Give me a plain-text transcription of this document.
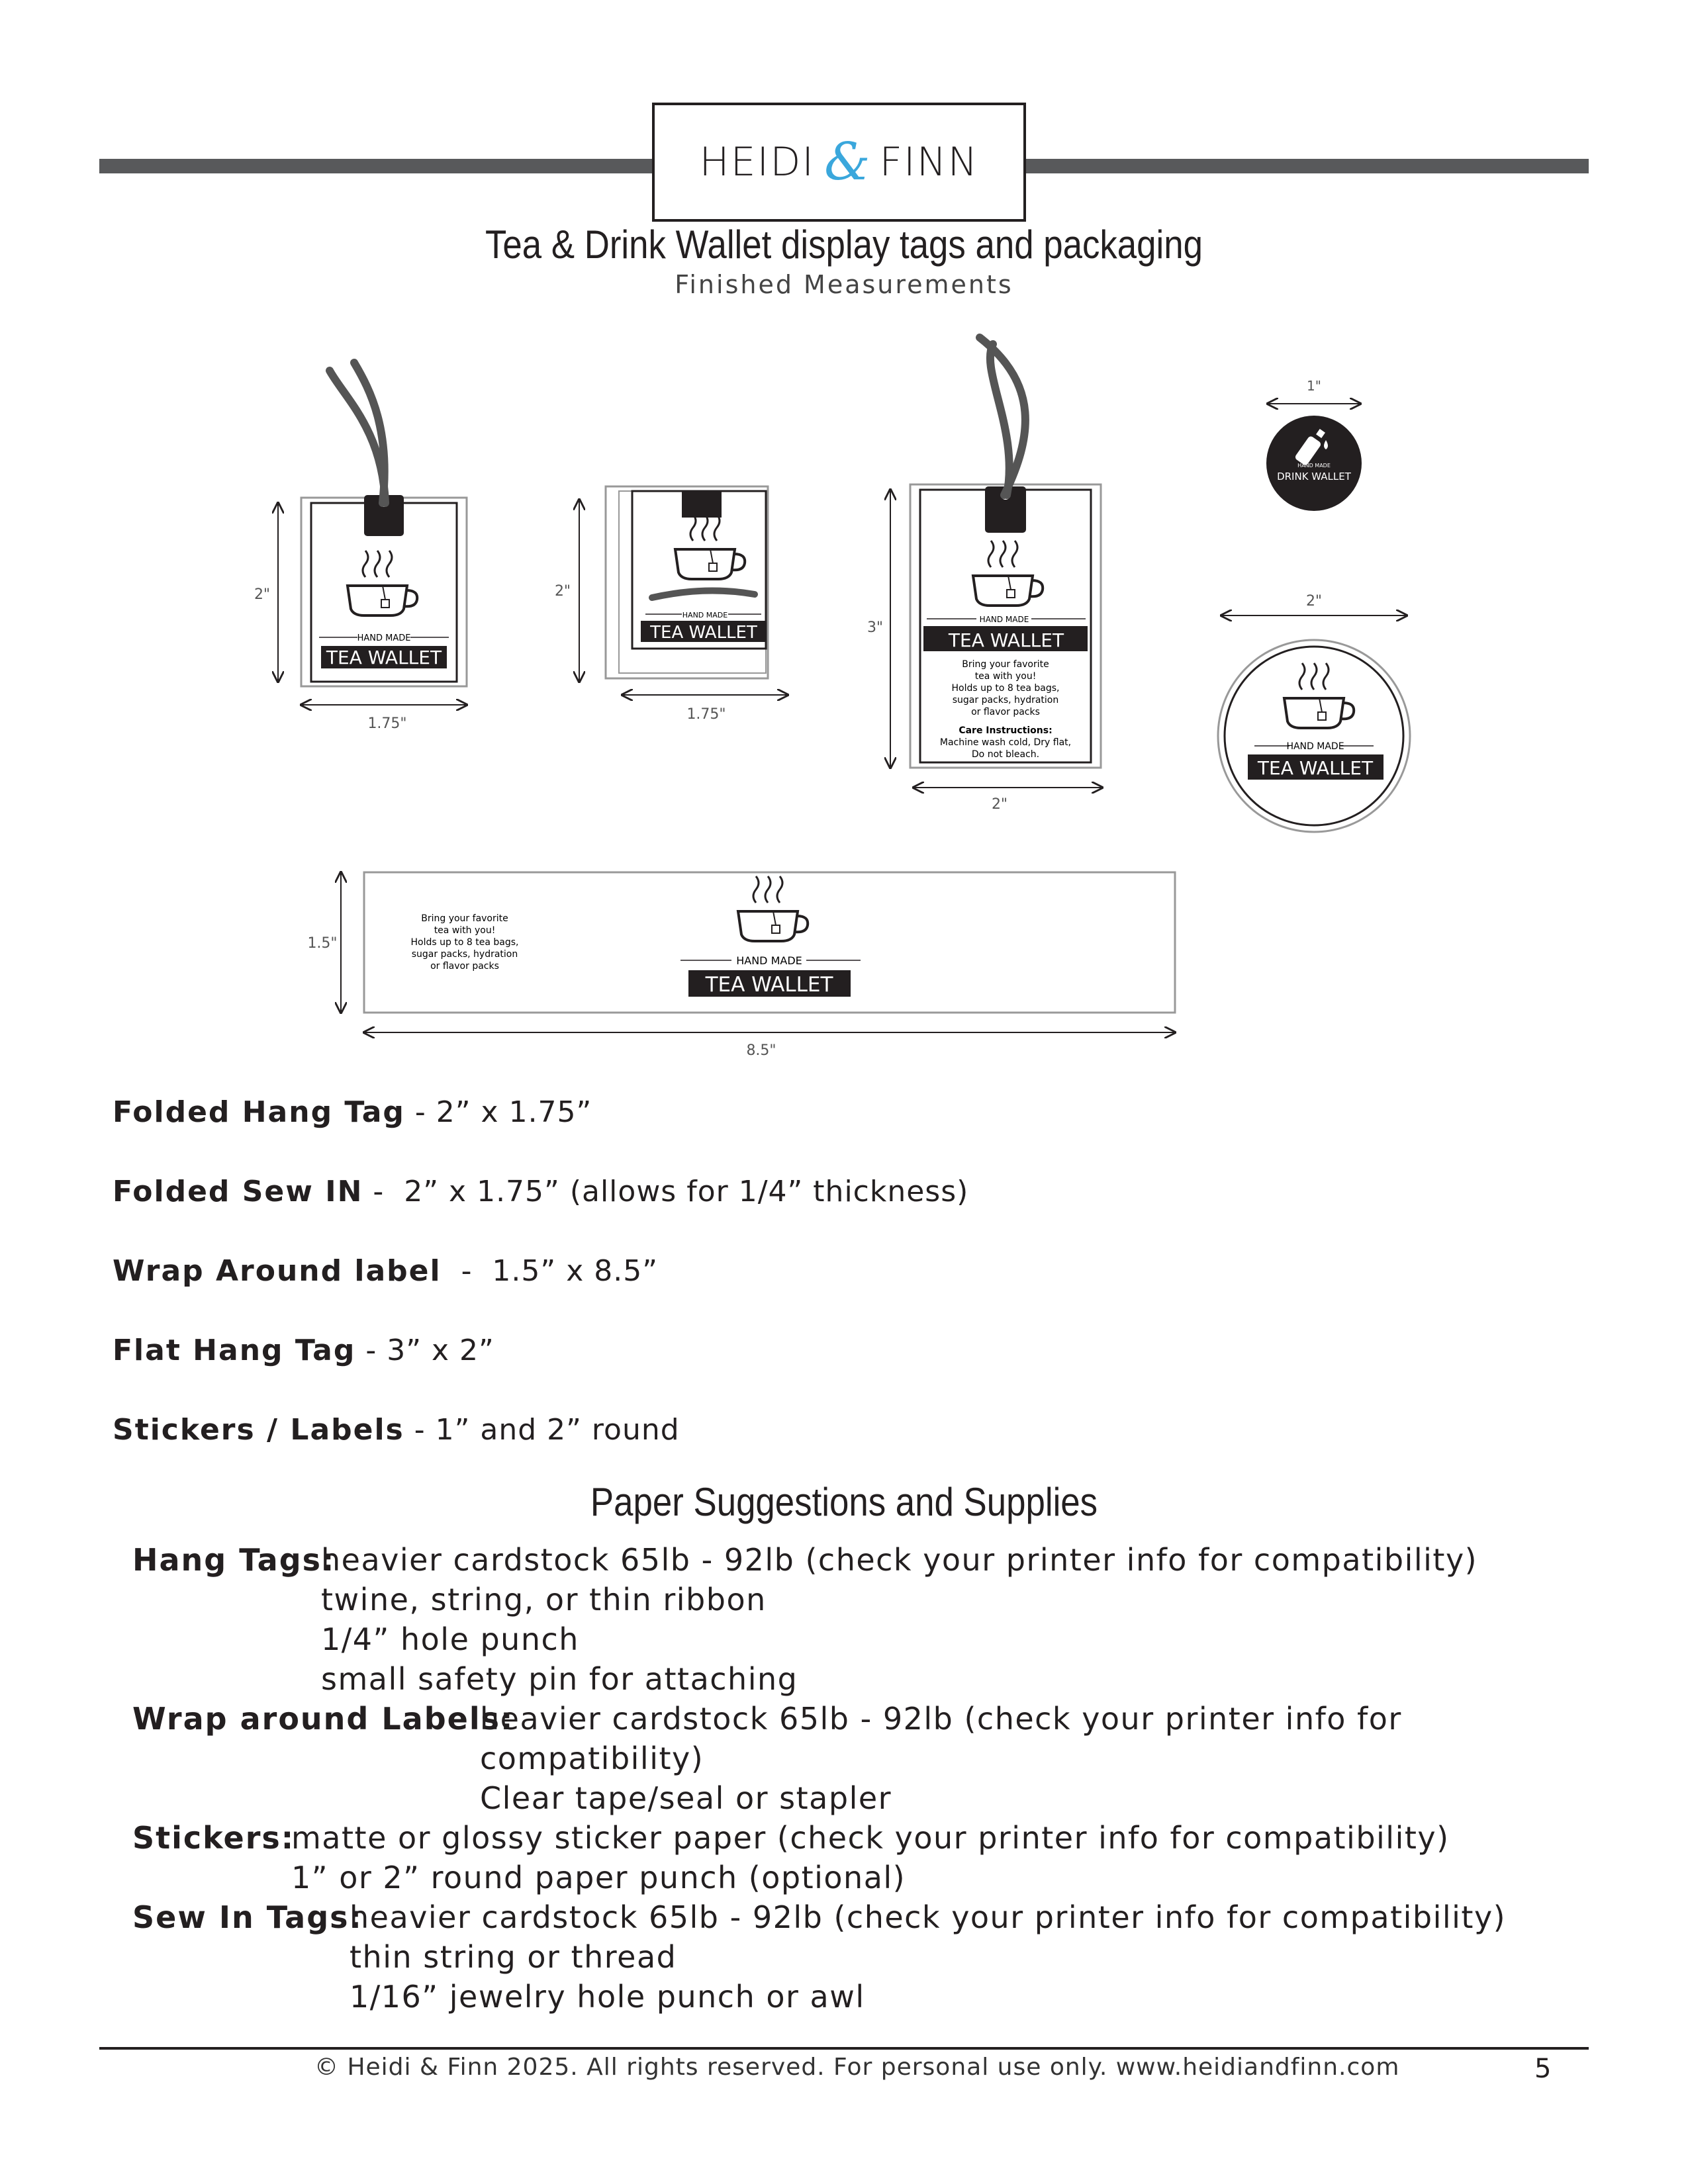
HEIDI & FINN
Tea & Drink Wallet display tags and packaging
Finished Measurements
HAND MADE
TEA WALLET
2"
1.75"
HAND MADE
TEA WALLET
2"
1.75"
HAND MADE
TEA WALLET
Bring your favorite
tea with you!
Holds up to 8 tea bags,
sugar packs, hydration
or flavor packs
Care Instructions:
Machine wash cold, Dry flat,
Do not bleach.
3"
2"
1"
HAND MADE
DRINK WALLET
2"
HAND MADE
TEA WALLET
Bring your favorite
tea with you!
Holds up to 8 tea bags,
sugar packs, hydration
or flavor packs	HAND MADE
TEA WALLET
1.5"
8.5"
Folded Hang Tag - 2” x 1.75”
Folded Sew IN -  2” x 1.75” (allows for 1/4” thickness)
Wrap Around label  -  1.5” x 8.5”
Flat Hang Tag - 3” x 2”
Stickers / Labels - 1” and 2” round
Paper Suggestions and Supplies
Hang Tags:
heavier cardstock 65lb - 92lb (check your printer info for compatibility)
twine, string, or thin ribbon
1/4” hole punch
small safety pin for attaching
Wrap around Labels:
heavier cardstock 65lb - 92lb (check your printer info for
compatibility)
Clear tape/seal or stapler
Stickers:
matte or glossy sticker paper (check your printer info for compatibility)
1” or 2” round paper punch (optional)
Sew In Tags:
heavier cardstock 65lb - 92lb (check your printer info for compatibility)
thin string or thread
1/16” jewelry hole punch or awl
© Heidi & Finn 2025. All rights reserved. For personal use only. www.heidiandfinn.com	5
